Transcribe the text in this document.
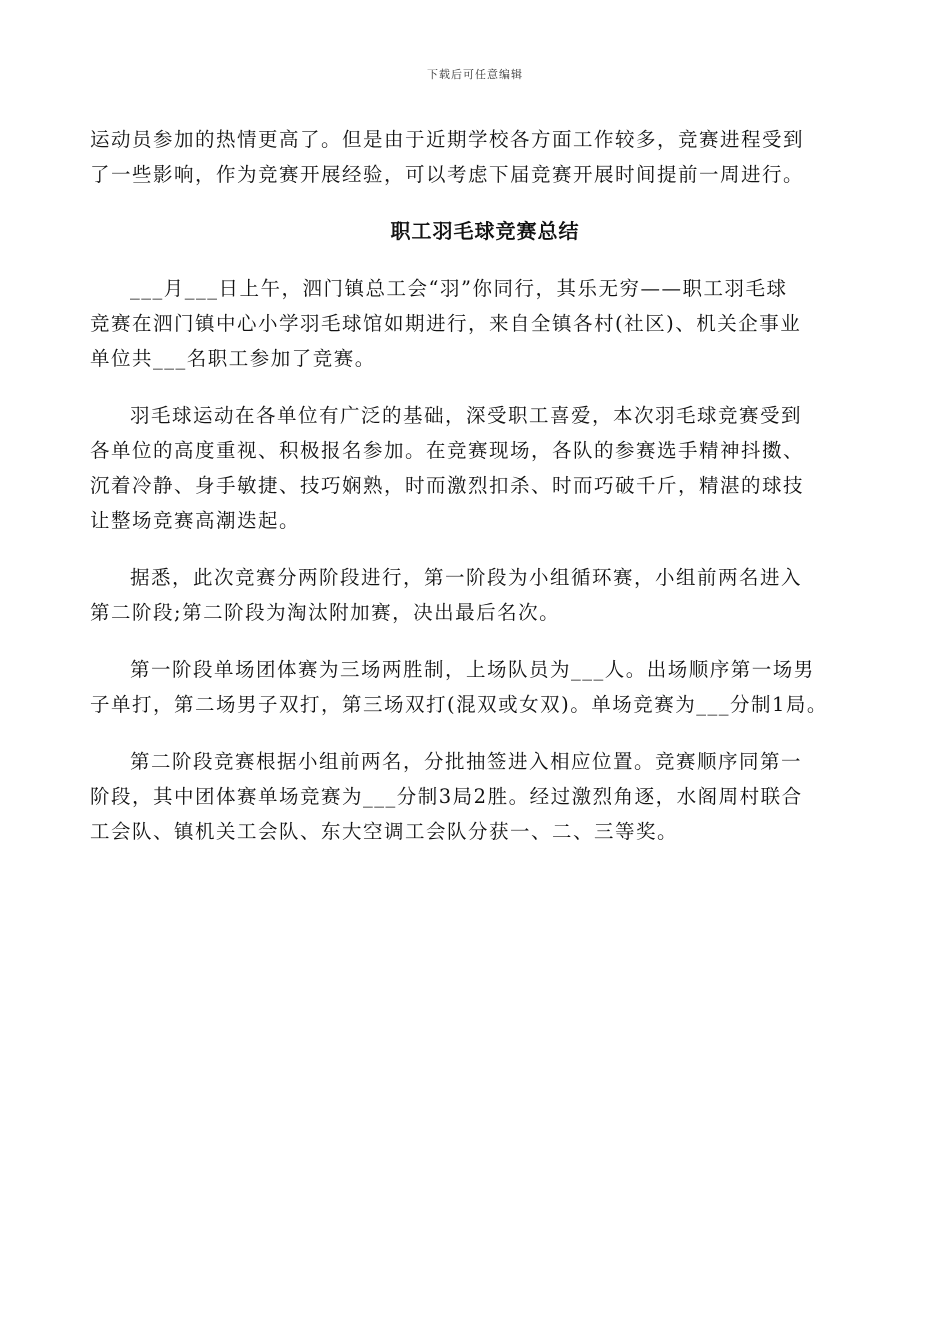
下载后可任意编辑
运动员参加的热情更高了。但是由于近期学校各方面工作较多，竞赛进程受到
了一些影响，作为竞赛开展经验，可以考虑下届竞赛开展时间提前一周进行。
职工羽毛球竞赛总结
___月___日上午，泗门镇总工会“羽”你同行，其乐无穷——职工羽毛球
竞赛在泗门镇中心小学羽毛球馆如期进行，来自全镇各村(社区)、机关企事业
单位共___名职工参加了竞赛。
羽毛球运动在各单位有广泛的基础，深受职工喜爱，本次羽毛球竞赛受到
各单位的高度重视、积极报名参加。在竞赛现场，各队的参赛选手精神抖擞、
沉着冷静、身手敏捷、技巧娴熟，时而激烈扣杀、时而巧破千斤，精湛的球技
让整场竞赛高潮迭起。
据悉，此次竞赛分两阶段进行，第一阶段为小组循环赛，小组前两名进入
第二阶段;第二阶段为淘汰附加赛，决出最后名次。
第一阶段单场团体赛为三场两胜制，上场队员为___人。出场顺序第一场男
子单打，第二场男子双打，第三场双打(混双或女双)。单场竞赛为___分制1局。
第二阶段竞赛根据小组前两名，分批抽签进入相应位置。竞赛顺序同第一
阶段，其中团体赛单场竞赛为___分制3局2胜。经过激烈角逐，水阁周村联合
工会队、镇机关工会队、东大空调工会队分获一、二、三等奖。
